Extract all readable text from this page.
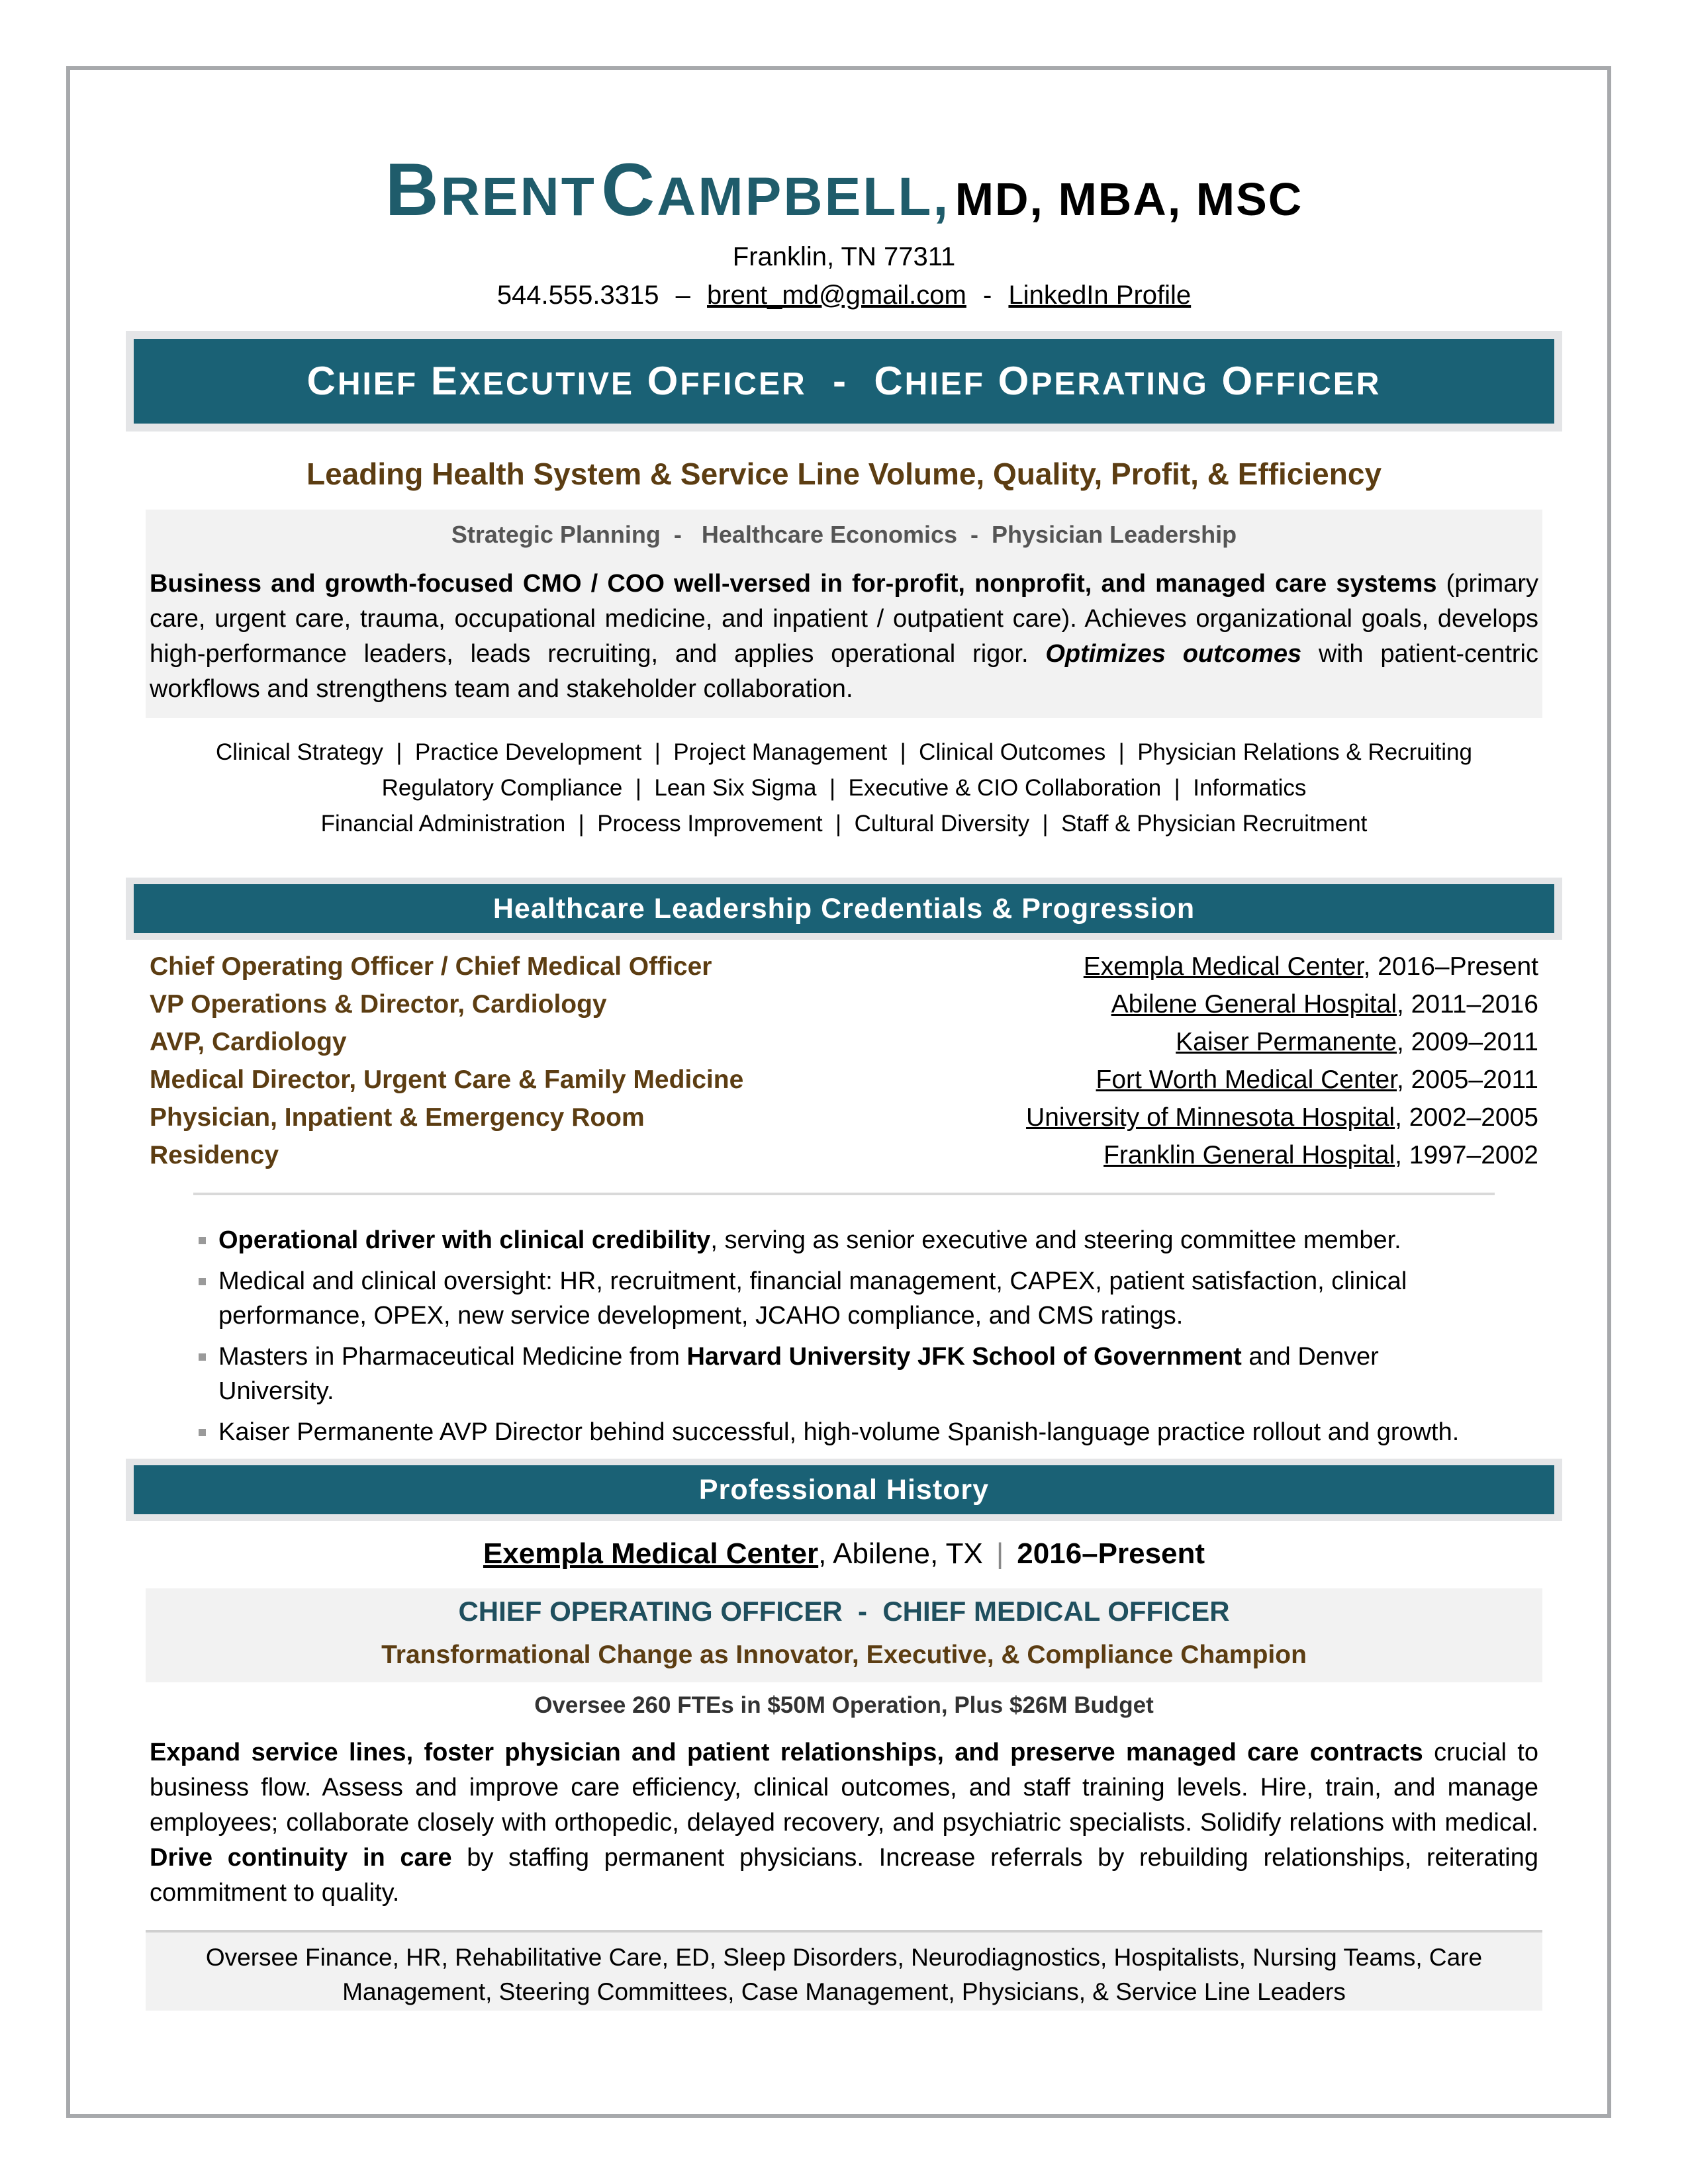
BRENT CAMPBELL, MD, MBA, MSC
Franklin, TN 77311
544.555.3315 – brent_md@gmail.com - LinkedIn Profile
CHIEF EXECUTIVE OFFICER - CHIEF OPERATING OFFICER
Leading Health System & Service Line Volume, Quality, Profit, & Efficiency
Strategic Planning  -   Healthcare Economics  -  Physician Leadership
Business and growth-focused CMO / COO well-versed in for-profit, nonprofit, and managed care systems (primary care, urgent care, trauma, occupational medicine, and inpatient / outpatient care). Achieves organizational goals, develops high-performance leaders, leads recruiting, and applies operational rigor. Optimizes outcomes with patient-centric workflows and strengthens team and stakeholder collaboration.
Clinical Strategy  |  Practice Development  |  Project Management  |  Clinical Outcomes  |  Physician Relations & Recruiting
Regulatory Compliance  |  Lean Six Sigma  |  Executive & CIO Collaboration  |  Informatics
Financial Administration  |  Process Improvement  |  Cultural Diversity  |  Staff & Physician Recruitment
Healthcare Leadership Credentials & Progression
Chief Operating Officer / Chief Medical Officer	Exempla Medical Center, 2016–Present
VP Operations & Director, Cardiology	Abilene General Hospital, 2011–2016
AVP, Cardiology	Kaiser Permanente, 2009–2011
Medical Director, Urgent Care & Family Medicine	Fort Worth Medical Center, 2005–2011
Physician, Inpatient & Emergency Room	University of Minnesota Hospital, 2002–2005
Residency	Franklin General Hospital, 1997–2002
Operational driver with clinical credibility, serving as senior executive and steering committee member.
Medical and clinical oversight: HR, recruitment, financial management, CAPEX, patient satisfaction, clinical performance, OPEX, new service development, JCAHO compliance, and CMS ratings.
Masters in Pharmaceutical Medicine from Harvard University JFK School of Government and Denver University.
Kaiser Permanente AVP Director behind successful, high-volume Spanish-language practice rollout and growth.
Professional History
Exempla Medical Center, Abilene, TX | 2016–Present
CHIEF OPERATING OFFICER  -  CHIEF MEDICAL OFFICER
Transformational Change as Innovator, Executive, & Compliance Champion
Oversee 260 FTEs in $50M Operation, Plus $26M Budget
Expand service lines, foster physician and patient relationships, and preserve managed care contracts crucial to business flow. Assess and improve care efficiency, clinical outcomes, and staff training levels. Hire, train, and manage employees; collaborate closely with orthopedic, delayed recovery, and psychiatric specialists. Solidify relations with medical. Drive continuity in care by staffing permanent physicians. Increase referrals by rebuilding relationships, reiterating commitment to quality.
Oversee Finance, HR, Rehabilitative Care, ED, Sleep Disorders, Neurodiagnostics, Hospitalists, Nursing Teams, Care Management, Steering Committees, Case Management, Physicians, & Service Line Leaders
